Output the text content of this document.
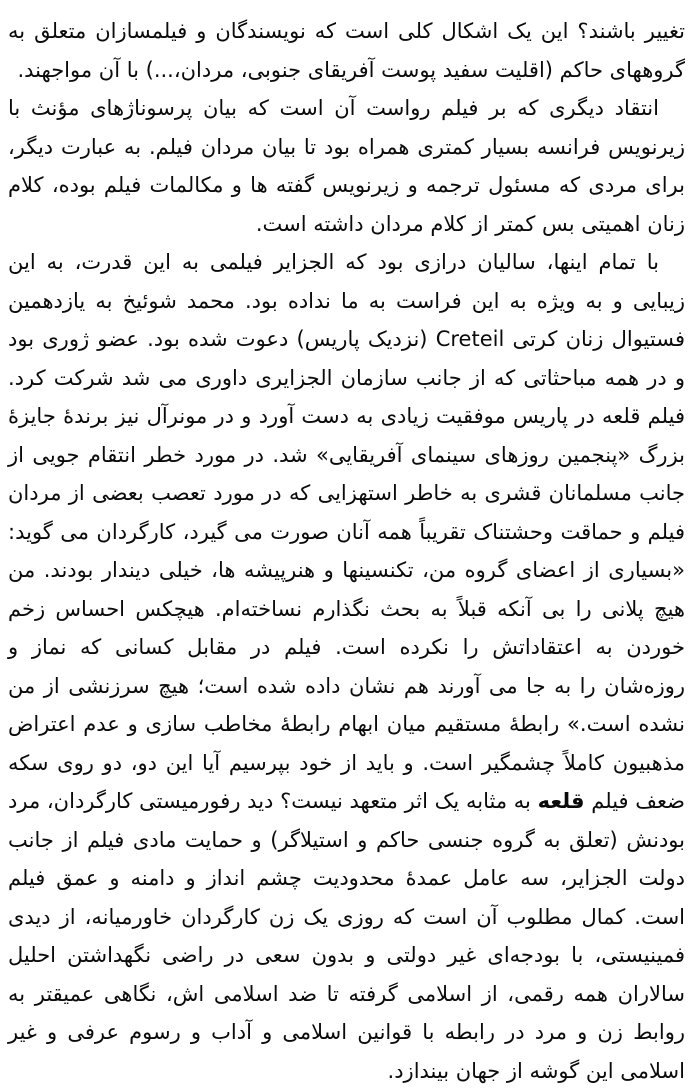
تغییر باشند؟ این یک اشکال کلی است که نویسندگان و فیلمسازان متعلق به گروههای حاکم (اقلیت سفید پوست آفریقای جنوبی، مردان،...) با آن مواجهند.

انتقاد دیگری که بر فیلم رواست آن است که بیان پرسوناژهای مؤنث با زیرنویس فرانسه بسیار کمتری همراه بود تا بیان مردان فیلم. به عبارت دیگر، برای مردی که مسئول ترجمه و زیرنویس گفته ها و مکالمات فیلم بوده، کلام زنان اهمیتی بس کمتر از کلام مردان داشته است.

با تمام اینها، سالیان درازی بود که الجزایر فیلمی به این قدرت، به این زیبایی و به ویژه به این فراست به ما نداده بود. محمد شوئیخ به یازدهمین فستیوال زنان کرتی Creteil (نزدیک پاریس) دعوت شده بود. عضو ژوری بود و در همه مباحثاتی که از جانب سازمان الجزایری داوری می شد شرکت کرد. فیلم قلعه در پاریس موفقیت زیادی به دست آورد و در مونرآل نیز برندهٔ جایزهٔ بزرگ «پنجمین روزهای سینمای آفریقایی» شد. در مورد خطر انتقام جویی از جانب مسلمانان قشری به خاطر استهزایی که در مورد تعصب بعضی از مردان فیلم و حماقت وحشتناک تقریباً همه آنان صورت می گیرد، کارگردان می گوید: «بسیاری از اعضای گروه من، تکنسینها و هنرپیشه ها، خیلی دیندار بودند. من هیچ پلانی را بی آنکه قبلاً به بحث نگذارم نساخته‌ام. هیچکس احساس زخم خوردن به اعتقاداتش را نکرده است. فیلم در مقابل کسانی که نماز و روزه‌شان را به جا می آورند هم نشان داده شده است؛ هیچ سرزنشی از من نشده است.» رابطهٔ مستقیم میان ابهام رابطهٔ مخاطب سازی و عدم اعتراض مذهبیون کاملاً چشمگیر است. و باید از خود بپرسیم آیا این دو، دو روی سکه ضعف فیلم قلعه به مثابه یک اثر متعهد نیست؟ دید رفورمیستی کارگردان، مرد بودنش (تعلق به گروه جنسی حاکم و استیلاگر) و حمایت مادی فیلم از جانب دولت الجزایر، سه عامل عمدهٔ محدودیت چشم انداز و دامنه و عمق فیلم است. کمال مطلوب آن است که روزی یک زن کارگردان خاورمیانه، از دیدی فمینیستی، با بودجه‌ای غیر دولتی و بدون سعی در راضی نگهداشتن احلیل سالاران همه رقمی، از اسلامی گرفته تا ضد اسلامی اش، نگاهی عمیقتر به روابط زن و مرد در رابطه با قوانین اسلامی و آداب و رسوم عرفی و غیر اسلامی این گوشه از جهان بیندازد.
